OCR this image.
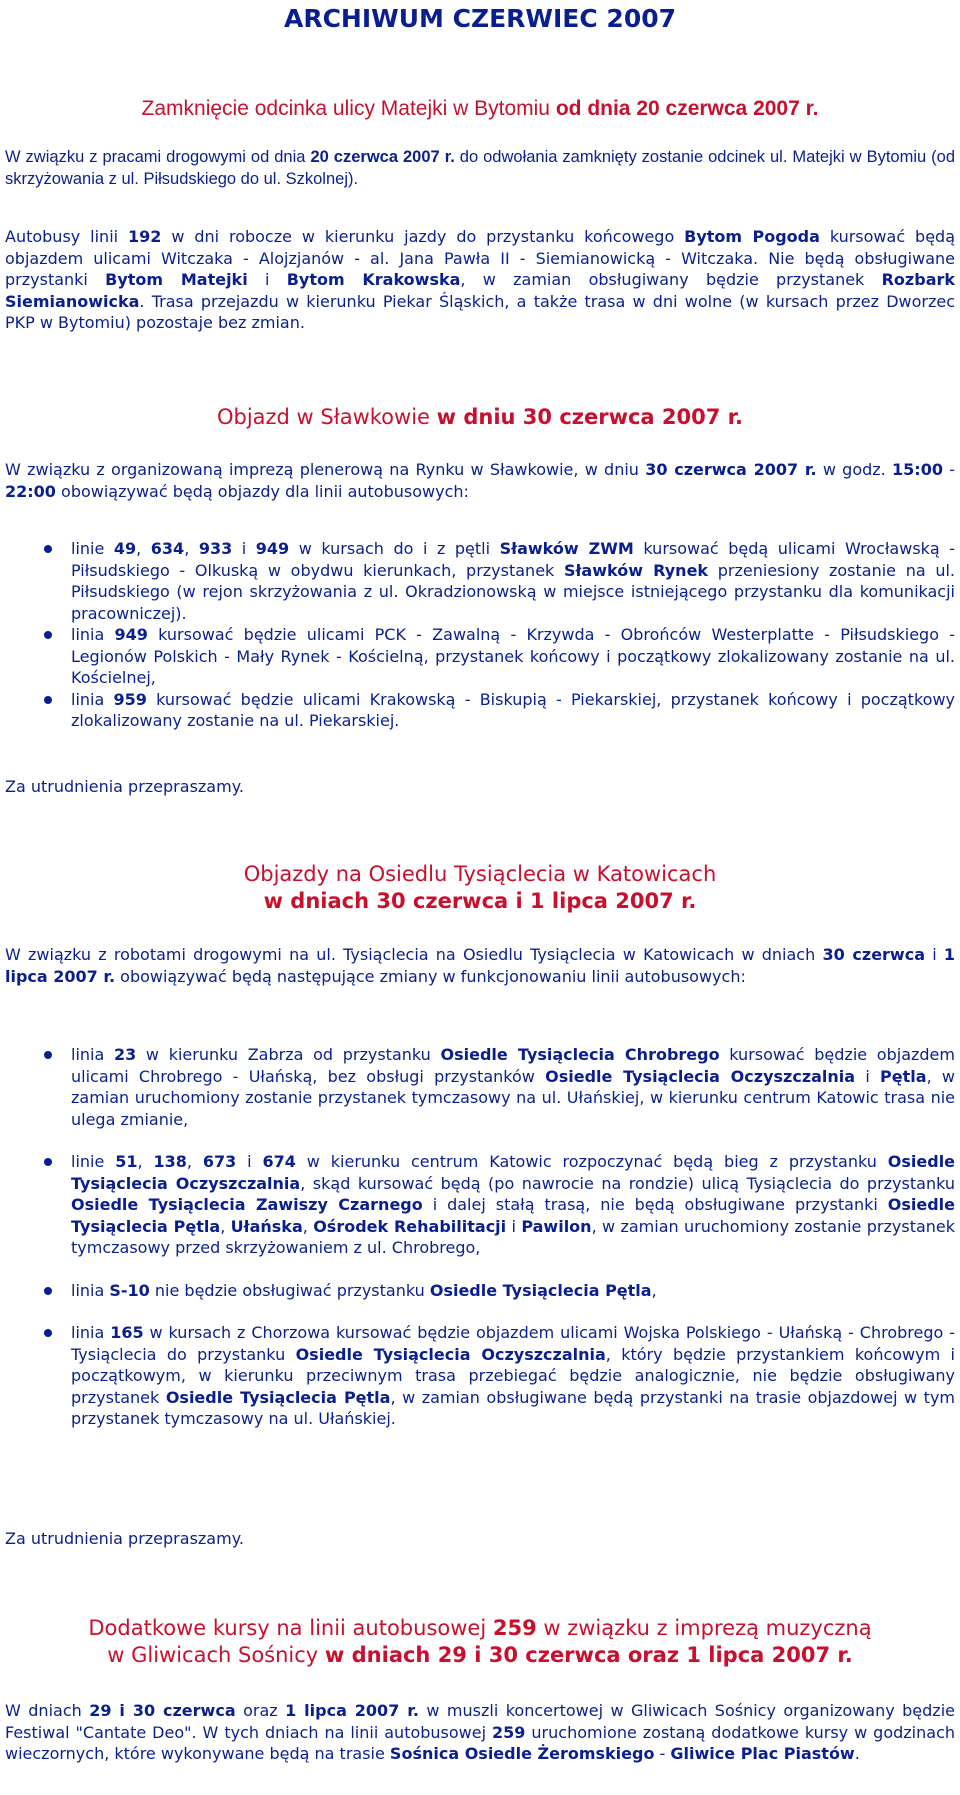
ARCHIWUM CZERWIEC 2007
Zamknięcie odcinka ulicy Matejki w Bytomiu od dnia 20 czerwca 2007 r.
W związku z pracami drogowymi od dnia 20 czerwca 2007 r. do odwołania zamknięty zostanie odcinek ul. Matejki w Bytomiu (od skrzyżowania z ul. Piłsudskiego do ul. Szkolnej).
Autobusy linii 192 w dni robocze w kierunku jazdy do przystanku końcowego Bytom Pogoda kursować będą objazdem ulicami Witczaka - Alojzjanów - al. Jana Pawła II - Siemianowicką - Witczaka. Nie będą obsługiwane przystanki Bytom Matejki i Bytom Krakowska, w zamian obsługiwany będzie przystanek Rozbark Siemianowicka. Trasa przejazdu w kierunku Piekar Śląskich, a także trasa w dni wolne (w kursach przez Dworzec PKP w Bytomiu) pozostaje bez zmian.
Objazd w Sławkowie w dniu 30 czerwca 2007 r.
W związku z organizowaną imprezą plenerową na Rynku w Sławkowie, w dniu 30 czerwca 2007 r. w godz. 15:00 - 22:00 obowiązywać będą objazdy dla linii autobusowych:
linie 49, 634, 933 i 949 w kursach do i z pętli Sławków ZWM kursować będą ulicami Wrocławską - Piłsudskiego - Olkuską w obydwu kierunkach, przystanek Sławków Rynek przeniesiony zostanie na ul. Piłsudskiego (w rejon skrzyżowania z ul. Okradzionowską w miejsce istniejącego przystanku dla komunikacji pracowniczej).
linia 949 kursować będzie ulicami PCK - Zawalną - Krzywda - Obrońców Westerplatte - Piłsudskiego - Legionów Polskich - Mały Rynek - Kościelną, przystanek końcowy i początkowy zlokalizowany zostanie na ul. Kościelnej,
linia 959 kursować będzie ulicami Krakowską - Biskupią - Piekarskiej, przystanek końcowy i początkowy zlokalizowany zostanie na ul. Piekarskiej.
Za utrudnienia przepraszamy.
Objazdy na Osiedlu Tysiąclecia w Katowicach
w dniach 30 czerwca i 1 lipca 2007 r.
W związku z robotami drogowymi na ul. Tysiąclecia na Osiedlu Tysiąclecia w Katowicach w dniach 30 czerwca i 1 lipca 2007 r. obowiązywać będą następujące zmiany w funkcjonowaniu linii autobusowych:
linia 23 w kierunku Zabrza od przystanku Osiedle Tysiąclecia Chrobrego kursować będzie objazdem ulicami Chrobrego - Ułańską, bez obsługi przystanków Osiedle Tysiąclecia Oczyszczalnia i Pętla, w zamian uruchomiony zostanie przystanek tymczasowy na ul. Ułańskiej, w kierunku centrum Katowic trasa nie ulega zmianie,
linie 51, 138, 673 i 674 w kierunku centrum Katowic rozpoczynać będą bieg z przystanku Osiedle Tysiąclecia Oczyszczalnia, skąd kursować będą (po nawrocie na rondzie) ulicą Tysiąclecia do przystanku Osiedle Tysiąclecia Zawiszy Czarnego i dalej stałą trasą, nie będą obsługiwane przystanki Osiedle Tysiąclecia Pętla, Ułańska, Ośrodek Rehabilitacji i Pawilon, w zamian uruchomiony zostanie przystanek tymczasowy przed skrzyżowaniem z ul. Chrobrego,
linia S-10 nie będzie obsługiwać przystanku Osiedle Tysiąclecia Pętla,
linia 165 w kursach z Chorzowa kursować będzie objazdem ulicami Wojska Polskiego - Ułańską - Chrobrego - Tysiąclecia do przystanku Osiedle Tysiąclecia Oczyszczalnia, który będzie przystankiem końcowym i początkowym, w kierunku przeciwnym trasa przebiegać będzie analogicznie, nie będzie obsługiwany przystanek Osiedle Tysiąclecia Pętla, w zamian obsługiwane będą przystanki na trasie objazdowej w tym przystanek tymczasowy na ul. Ułańskiej.
Za utrudnienia przepraszamy.
Dodatkowe kursy na linii autobusowej 259 w związku z imprezą muzyczną
w Gliwicach Sośnicy w dniach 29 i 30 czerwca oraz 1 lipca 2007 r.
W dniach 29 i 30 czerwca oraz 1 lipca 2007 r. w muszli koncertowej w Gliwicach Sośnicy organizowany będzie Festiwal "Cantate Deo". W tych dniach na linii autobusowej 259 uruchomione zostaną dodatkowe kursy w godzinach wieczornych, które wykonywane będą na trasie Sośnica Osiedle Żeromskiego - Gliwice Plac Piastów.
